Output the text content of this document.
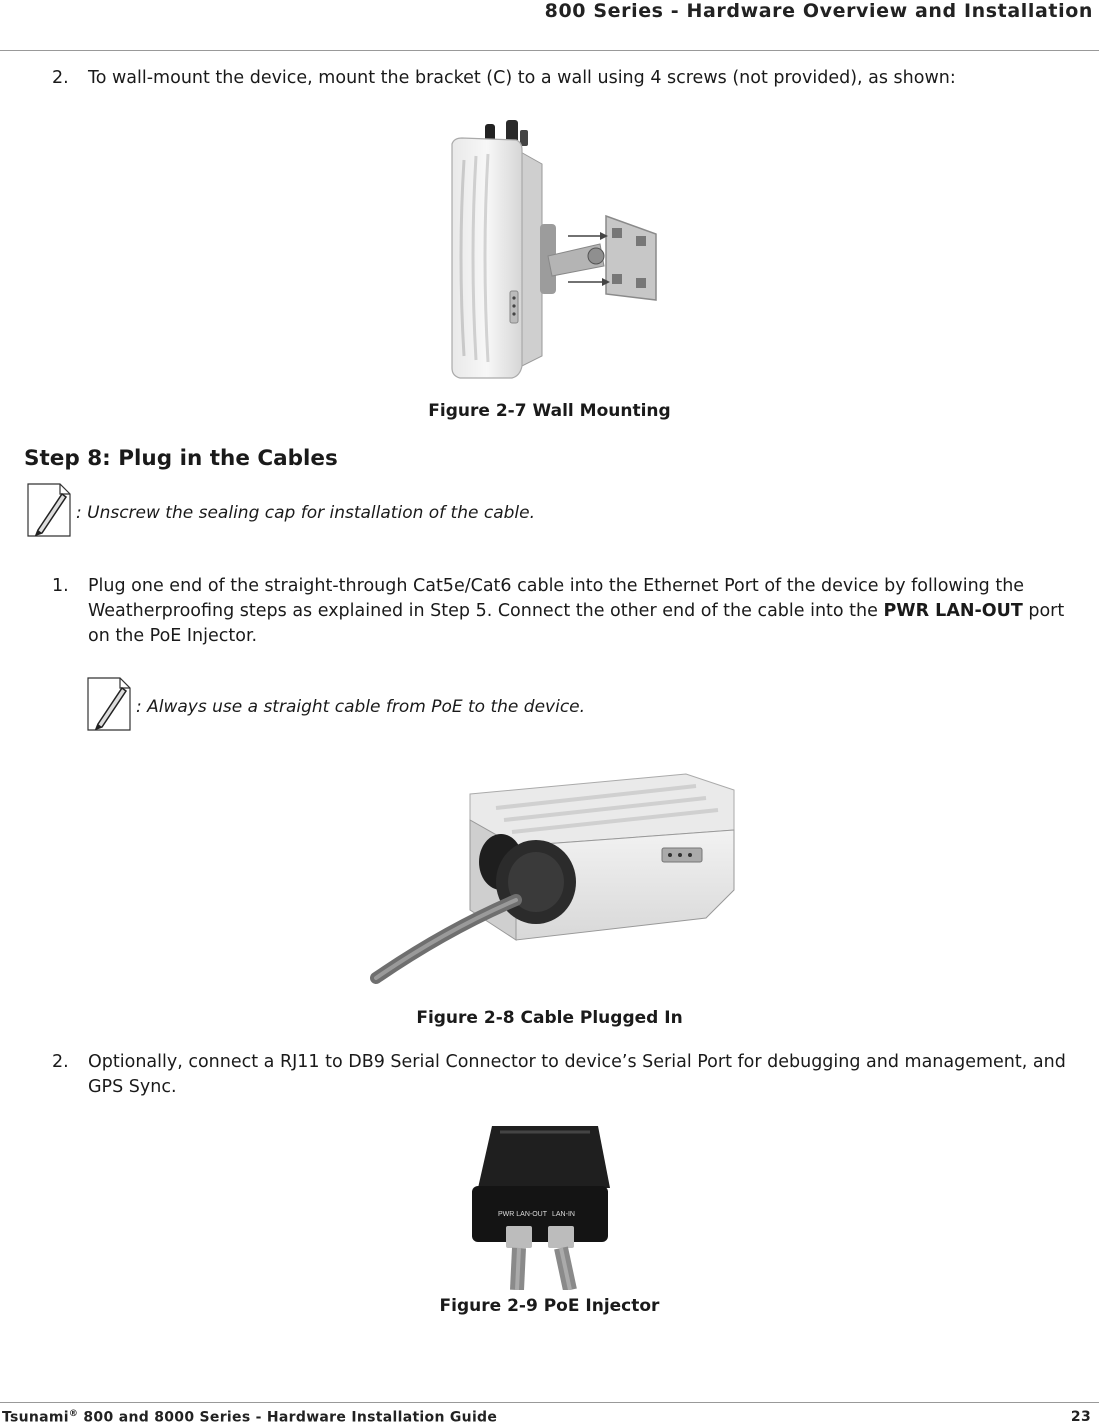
800 Series - Hardware Overview and Installation
2. To wall-mount the device, mount the bracket (C) to a wall using 4 screws (not provided), as shown:
Figure 2-7 Wall Mounting
Step 8: Plug in the Cables
: Unscrew the sealing cap for installation of the cable.
1. Plug one end of the straight-through Cat5e/Cat6 cable into the Ethernet Port of the device by following the Weatherproofing steps as explained in Step 5. Connect the other end of the cable into the PWR LAN-OUT port on the PoE Injector.
: Always use a straight cable from PoE to the device.
Figure 2-8 Cable Plugged In
2. Optionally, connect a RJ11 to DB9 Serial Connector to device’s Serial Port for debugging and management, and GPS Sync.
PWR LAN-OUT LAN-IN
Figure 2-9 PoE Injector
Tsunami® 800 and 8000 Series - Hardware Installation Guide	23
